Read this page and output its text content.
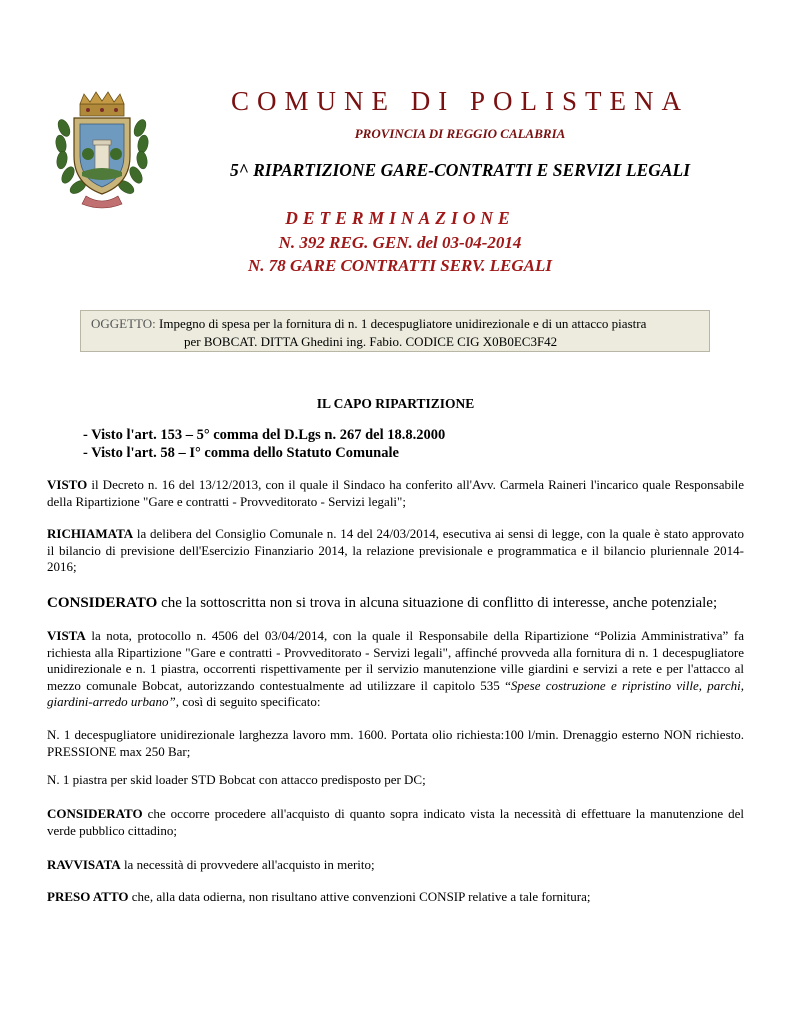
COMUNE DI POLISTENA
PROVINCIA DI REGGIO CALABRIA
5^ RIPARTIZIONE GARE-CONTRATTI E SERVIZI LEGALI
DETERMINAZIONE
N. 392 REG. GEN. del 03-04-2014
N. 78 GARE CONTRATTI SERV. LEGALI
OGGETTO: Impegno di spesa per la fornitura di n. 1 decespugliatore unidirezionale e di un attacco piastra
per BOBCAT. DITTA Ghedini ing. Fabio. CODICE CIG X0B0EC3F42
IL CAPO RIPARTIZIONE
- Visto l'art. 153 – 5° comma del D.Lgs n. 267 del 18.8.2000
- Visto l'art. 58 – I° comma dello Statuto Comunale
VISTO il Decreto n. 16 del 13/12/2013, con il quale il Sindaco ha conferito all'Avv. Carmela Raineri l'incarico quale Responsabile della Ripartizione "Gare e contratti - Provveditorato - Servizi legali";
RICHIAMATA la delibera del Consiglio Comunale n. 14 del 24/03/2014, esecutiva ai sensi di legge, con la quale è stato approvato il bilancio di previsione dell'Esercizio Finanziario 2014, la relazione previsionale e programmatica e il bilancio pluriennale 2014-2016;
CONSIDERATO che la sottoscritta non si trova in alcuna situazione di conflitto di interesse, anche potenziale;
VISTA la nota, protocollo n. 4506 del 03/04/2014, con la quale il Responsabile della Ripartizione “Polizia Amministrativa” fa richiesta alla Ripartizione "Gare e contratti - Provveditorato - Servizi legali", affinché provveda alla fornitura di n. 1 decespugliatore unidirezionale e n. 1 piastra, occorrenti rispettivamente per il servizio manutenzione ville giardini e servizi a rete e per l'attacco al mezzo comunale Bobcat, autorizzando contestualmente ad utilizzare il capitolo 535 “Spese costruzione e ripristino ville, parchi, giardini-arredo urbano”, così di seguito specificato:
N. 1 decespugliatore unidirezionale larghezza lavoro mm. 1600. Portata olio richiesta:100 l/min. Drenaggio esterno NON richiesto. PRESSIONE max 250 Bar;
N. 1 piastra per skid loader STD Bobcat con attacco predisposto per DC;
CONSIDERATO che occorre procedere all'acquisto di quanto sopra indicato vista la necessità di effettuare la manutenzione del verde pubblico cittadino;
RAVVISATA la necessità di provvedere all'acquisto in merito;
PRESO ATTO che, alla data odierna, non risultano attive convenzioni CONSIP relative a tale fornitura;
